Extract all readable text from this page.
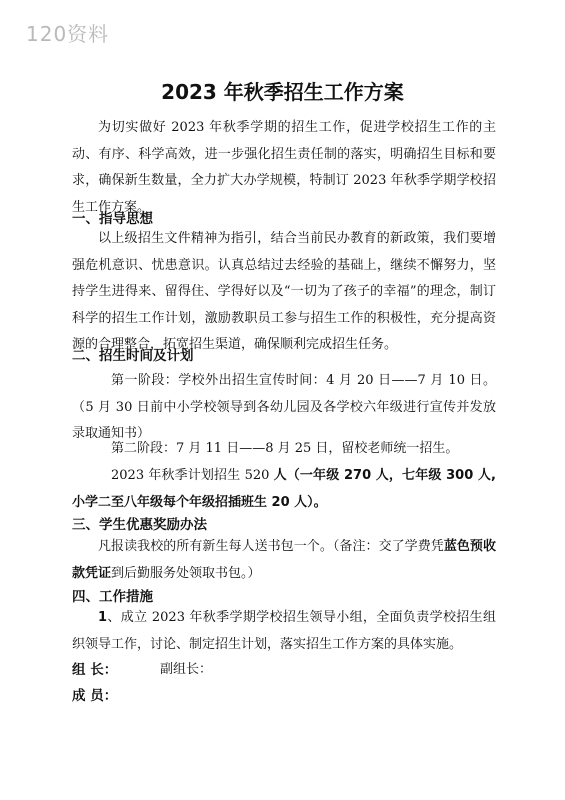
120资料
2023 年秋季招生工作方案

为切实做好 2023 年秋季学期的招生工作，促进学校招生工作的主动、有序、科学高效，进一步强化招生责任制的落实，明确招生目标和要求，确保新生数量，全力扩大办学规模，特制订 2023 年秋季学期学校招生工作方案。

一、指导思想

以上级招生文件精神为指引，结合当前民办教育的新政策，我们要增强危机意识、忧患意识。认真总结过去经验的基础上，继续不懈努力，坚持学生进得来、留得住、学得好以及“一切为了孩子的幸福”的理念，制订科学的招生工作计划，激励教职员工参与招生工作的积极性，充分提高资源的合理整合，拓宽招生渠道，确保顺利完成招生任务。

二、招生时间及计划

第一阶段：学校外出招生宣传时间：4 月 20 日——7 月 10 日。（5 月 30 日前中小学校领导到各幼儿园及各学校六年级进行宣传并发放录取通知书）

第二阶段：7 月 11 日——8 月 25 日，留校老师统一招生。

2023 年秋季计划招生 520 人（一年级 270 人，七年级 300 人, 小学二至八年级每个年级招插班生 20 人）。

三、学生优惠奖励办法

凡报读我校的所有新生每人送书包一个。（备注：交了学费凭蓝色预收款凭证到后勤服务处领取书包。）

四、工作措施

1、成立 2023 年秋季学期学校招生领导小组，全面负责学校招生组织领导工作，讨论、制定招生计划，落实招生工作方案的具体实施。

组 长：	副组长：
成 员：
